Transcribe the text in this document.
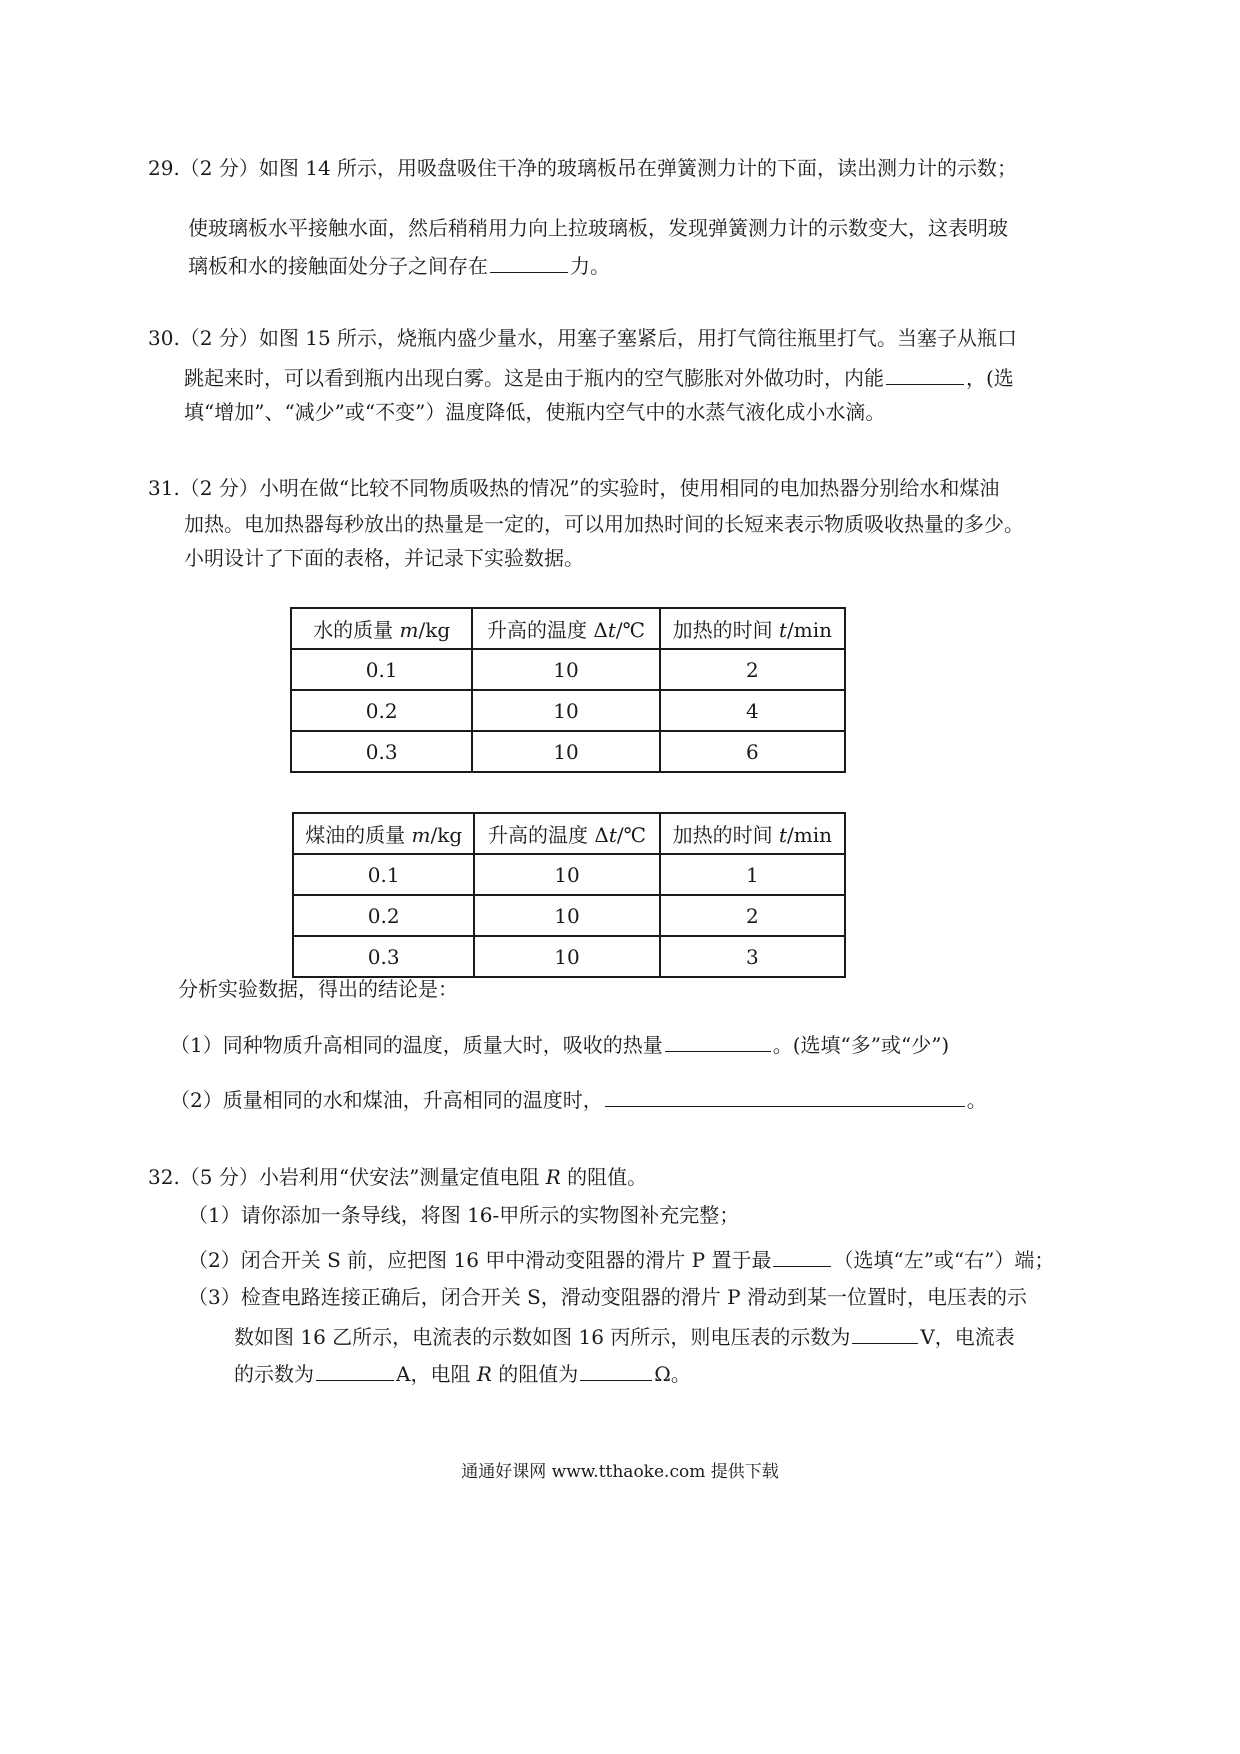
29.（2 分）如图 14 所示，用吸盘吸住干净的玻璃板吊在弹簧测力计的下面，读出测力计的示数；
使玻璃板水平接触水面，然后稍稍用力向上拉玻璃板，发现弹簧测力计的示数变大，这表明玻
璃板和水的接触面处分子之间存在	力。
30.（2 分）如图 15 所示，烧瓶内盛少量水，用塞子塞紧后，用打气筒往瓶里打气。当塞子从瓶口
跳起来时，可以看到瓶内出现白雾。这是由于瓶内的空气膨胀对外做功时，内能	，(选
填“增加”、“减少”或“不变”）温度降低，使瓶内空气中的水蒸气液化成小水滴。
31.（2 分）小明在做“比较不同物质吸热的情况”的实验时，使用相同的电加热器分别给水和煤油
加热。电加热器每秒放出的热量是一定的，可以用加热时间的长短来表示物质吸收热量的多少。
小明设计了下面的表格，并记录下实验数据。
水的质量 m/kg	升高的温度 Δt/℃	加热的时间 t/min
0.1	10	2
0.2	10	4
0.3	10	6
煤油的质量 m/kg	升高的温度 Δt/℃	加热的时间 t/min
0.1	10	1
0.2	10	2
0.3	10	3
分析实验数据，得出的结论是：
（1）同种物质升高相同的温度，质量大时，吸收的热量	。(选填“多”或“少”)
（2）质量相同的水和煤油，升高相同的温度时，	。
32.（5 分）小岩利用“伏安法”测量定值电阻 R 的阻值。
（1）请你添加一条导线，将图 16-甲所示的实物图补充完整；
（2）闭合开关 S 前，应把图 16 甲中滑动变阻器的滑片 P 置于最	（选填“左”或“右”）端；
（3）检查电路连接正确后，闭合开关 S，滑动变阻器的滑片 P 滑动到某一位置时，电压表的示
数如图 16 乙所示，电流表的示数如图 16 丙所示，则电压表的示数为	V，电流表
的示数为	A，电阻 R 的阻值为	Ω。
通通好课网 www.tthaoke.com 提供下载
